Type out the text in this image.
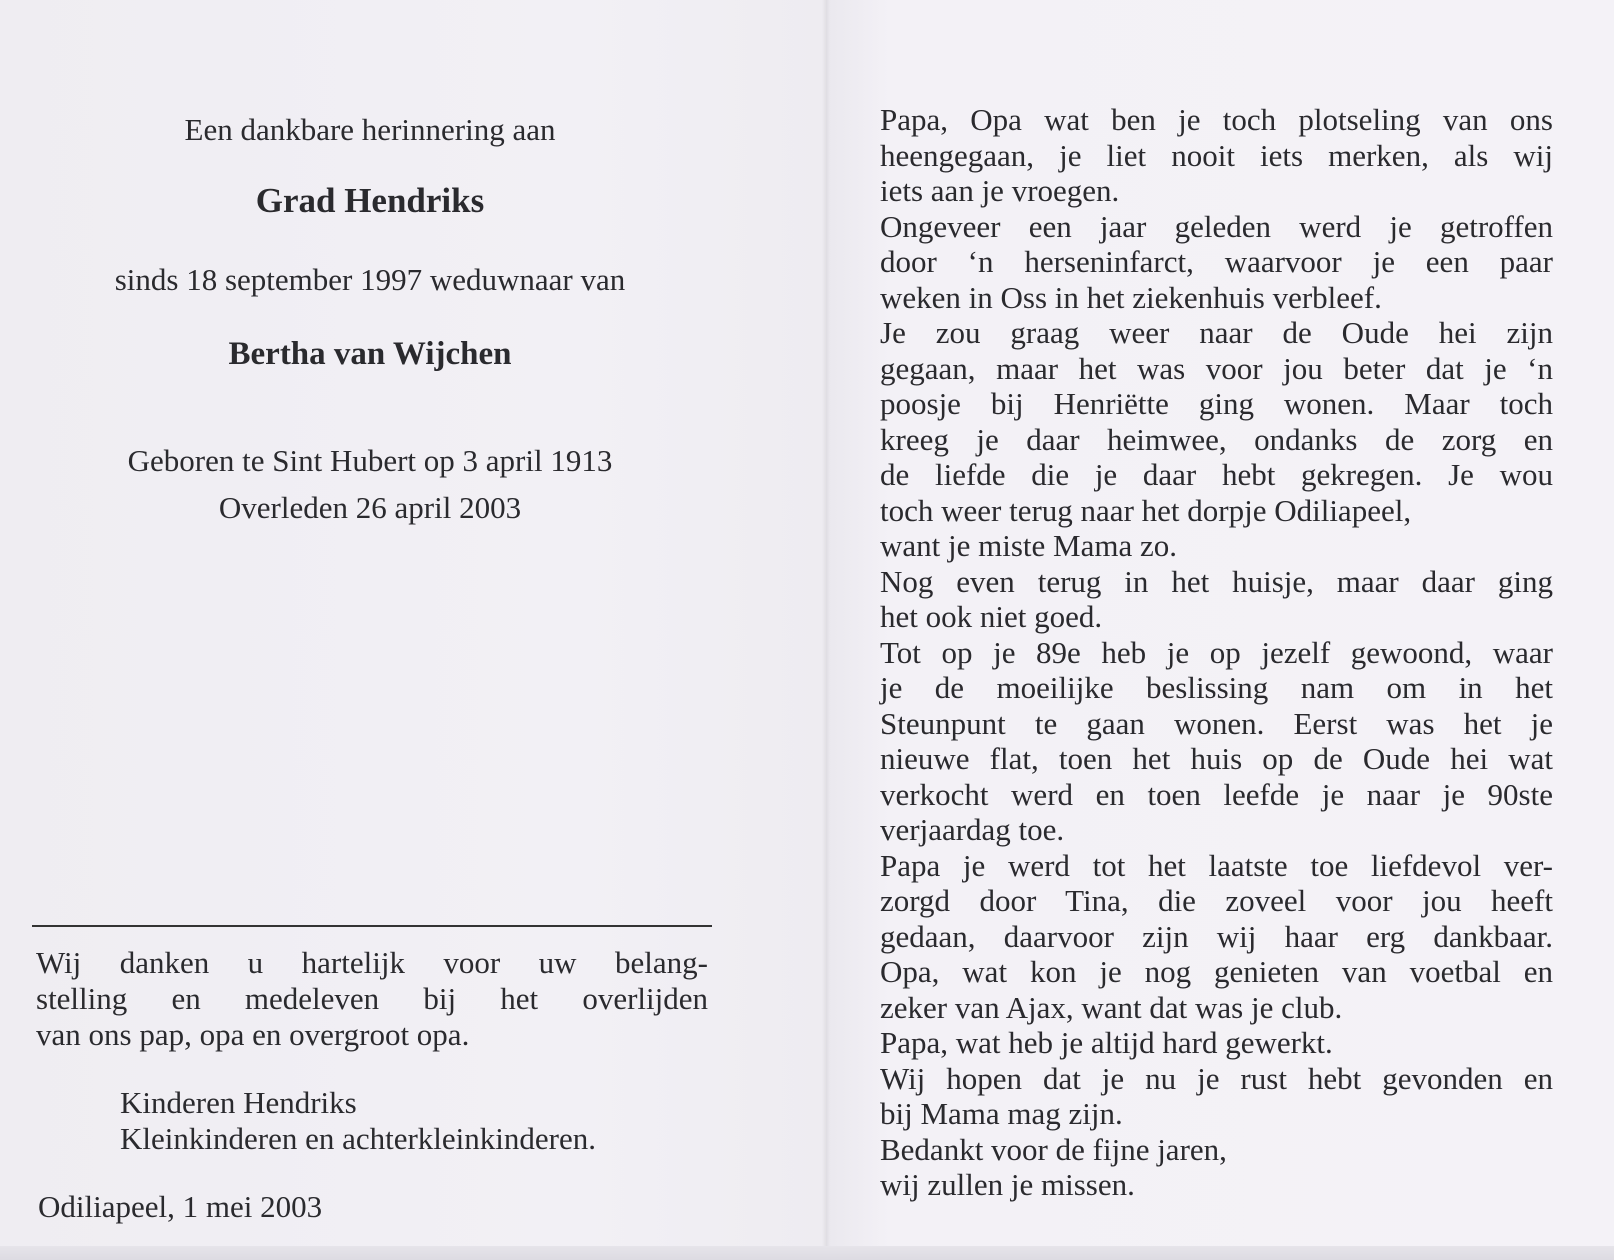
Een dankbare herinnering aan
Grad Hendriks
sinds 18 september 1997 weduwnaar van
Bertha van Wijchen
Geboren te Sint Hubert op 3 april 1913
Overleden 26 april 2003
Wij danken u hartelijk voor uw belang-
stelling en medeleven bij het overlijden
van ons pap, opa en overgroot opa.
Kinderen Hendriks
Kleinkinderen en achterkleinkinderen.
Odiliapeel, 1 mei 2003
Papa, Opa wat ben je toch plotseling van ons
heengegaan, je liet nooit iets merken, als wij
iets aan je vroegen.
Ongeveer een jaar geleden werd je getroffen
door ‘n herseninfarct, waarvoor je een paar
weken in Oss in het ziekenhuis verbleef.
Je zou graag weer naar de Oude hei zijn
gegaan, maar het was voor jou beter dat je ‘n
poosje bij Henriëtte ging wonen. Maar toch
kreeg je daar heimwee, ondanks de zorg en
de liefde die je daar hebt gekregen. Je wou
toch weer terug naar het dorpje Odiliapeel,
want je miste Mama zo.
Nog even terug in het huisje, maar daar ging
het ook niet goed.
Tot op je 89e heb je op jezelf gewoond, waar
je de moeilijke beslissing nam om in het
Steunpunt te gaan wonen. Eerst was het je
nieuwe flat, toen het huis op de Oude hei wat
verkocht werd en toen leefde je naar je 90ste
verjaardag toe.
Papa je werd tot het laatste toe liefdevol ver-
zorgd door Tina, die zoveel voor jou heeft
gedaan, daarvoor zijn wij haar erg dankbaar.
Opa, wat kon je nog genieten van voetbal en
zeker van Ajax, want dat was je club.
Papa, wat heb je altijd hard gewerkt.
Wij hopen dat je nu je rust hebt gevonden en
bij Mama mag zijn.
Bedankt voor de fijne jaren,
wij zullen je missen.
